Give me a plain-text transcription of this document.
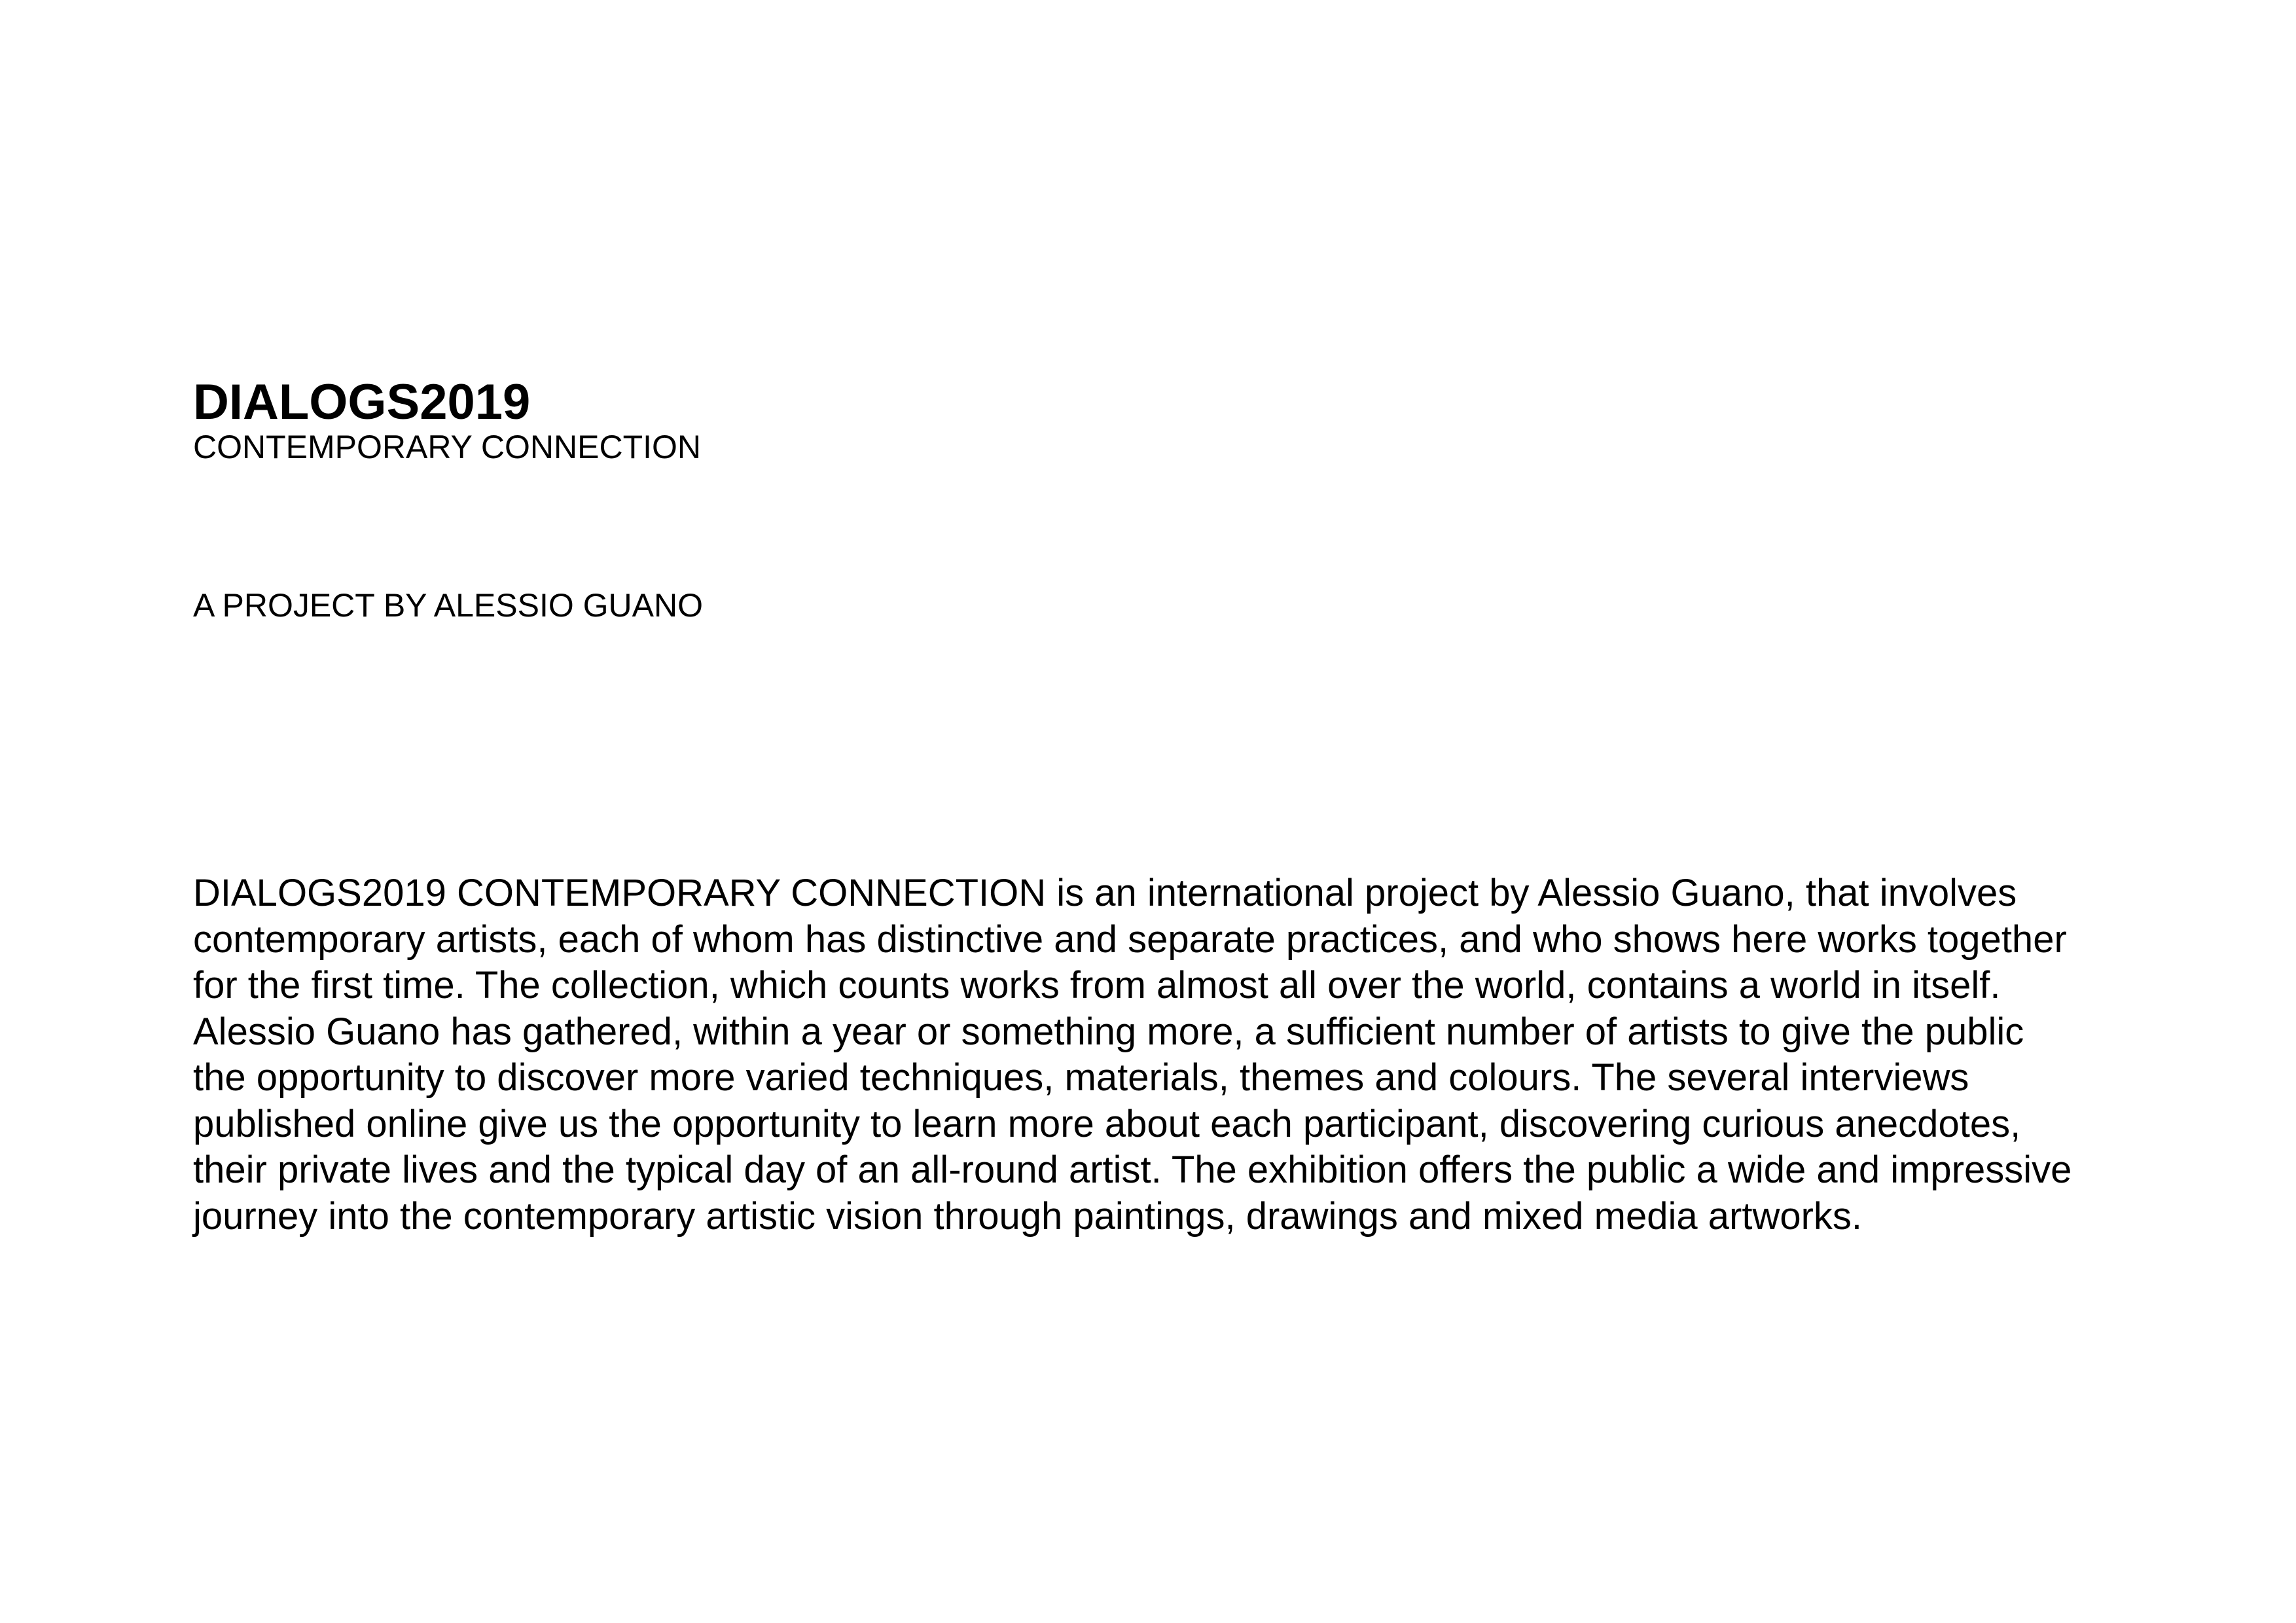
DIALOGS2019

CONTEMPORARY CONNECTION

A PROJECT BY ALESSIO GUANO

DIALOGS2019 CONTEMPORARY CONNECTION is an international project by Alessio Guano, that involves
contemporary artists, each of whom has distinctive and separate practices, and who shows here works together
for the first time. The collection, which counts works from almost all over the world, contains a world in itself.
Alessio Guano has gathered, within a year or something more, a sufficient number of artists to give the public
the opportunity to discover more varied techniques, materials, themes and colours. The several interviews
published online give us the opportunity to learn more about each participant, discovering curious anecdotes,
their private lives and the typical day of an all-round artist. The exhibition offers the public a wide and impressive
journey into the contemporary artistic vision through paintings, drawings and mixed media artworks.
